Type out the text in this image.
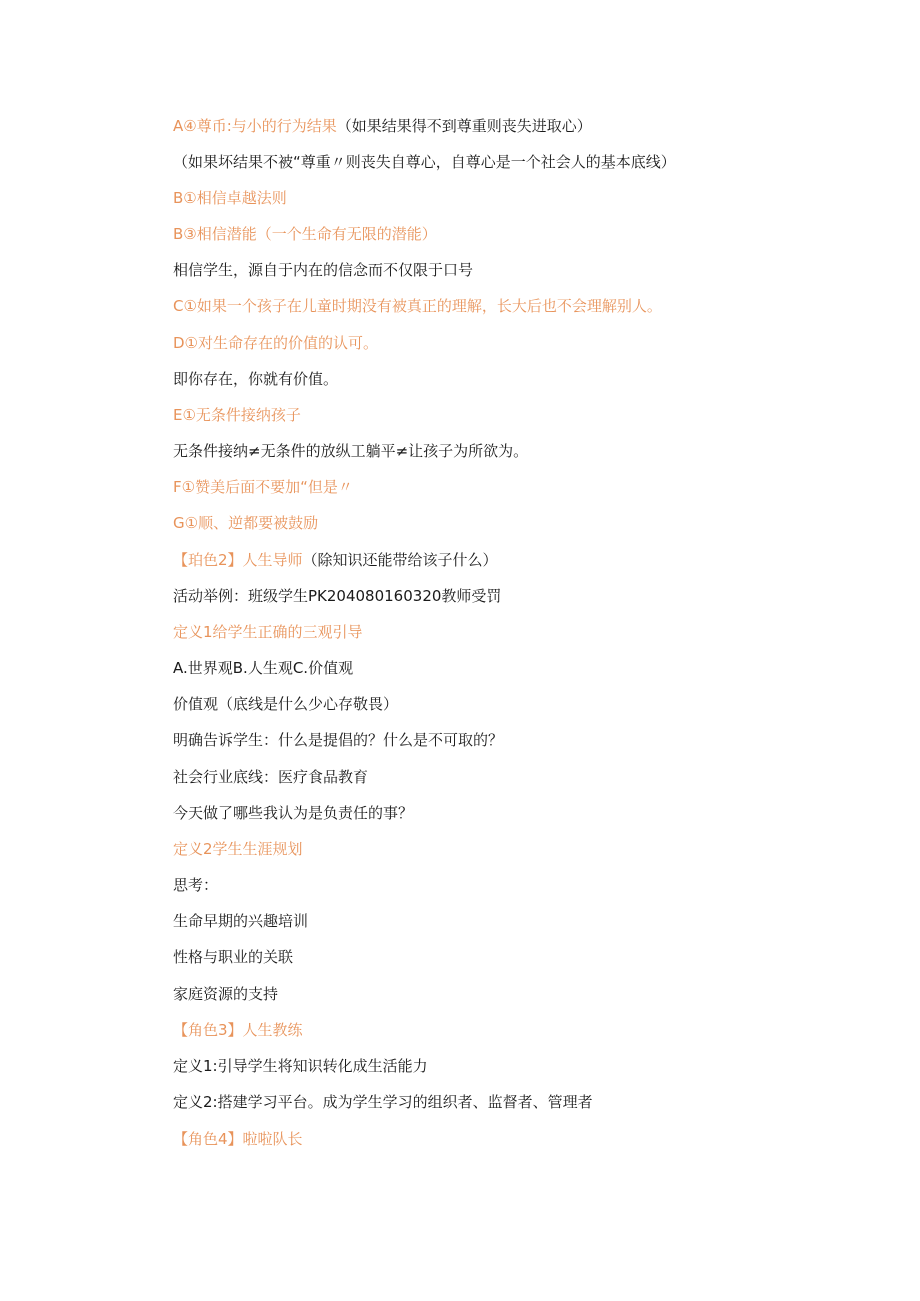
A④尊币:与小的行为结果（如果结果得不到尊重则丧失进取心）
（如果坏结果不被“尊重〃则丧失自尊心，自尊心是一个社会人的基本底线）
B①相信卓越法则
B③相信潜能（一个生命有无限的潜能）
相信学生，源自于内在的信念而不仅限于口号
C①如果一个孩子在儿童时期没有被真正的理解，长大后也不会理解别人。
D①对生命存在的价值的认可。
即你存在，你就有价值。
E①无条件接纳孩子
无条件接纳≠无条件的放纵工躺平≠让孩子为所欲为。
F①赞美后面不要加“但是〃
G①顺、逆都要被鼓励
【珀色2】人生导师（除知识还能带给该子什么）
活动举例：班级学生PK204080160320教师受罚
定义1给学生正确的三观引导
A.世界观B.人生观C.价值观
价值观（底线是什么少心存敬畏）
明确告诉学生：什么是提倡的？什么是不可取的？
社会行业底线：医疗食品教育
今天做了哪些我认为是负责任的事？
定义2学生生涯规划
思考：
生命早期的兴趣培训
性格与职业的关联
家庭资源的支持
【角色3】人生教练
定义1:引导学生将知识转化成生活能力
定义2:搭建学习平台。成为学生学习的组织者、监督者、管理者
【角色4】啦啦队长
